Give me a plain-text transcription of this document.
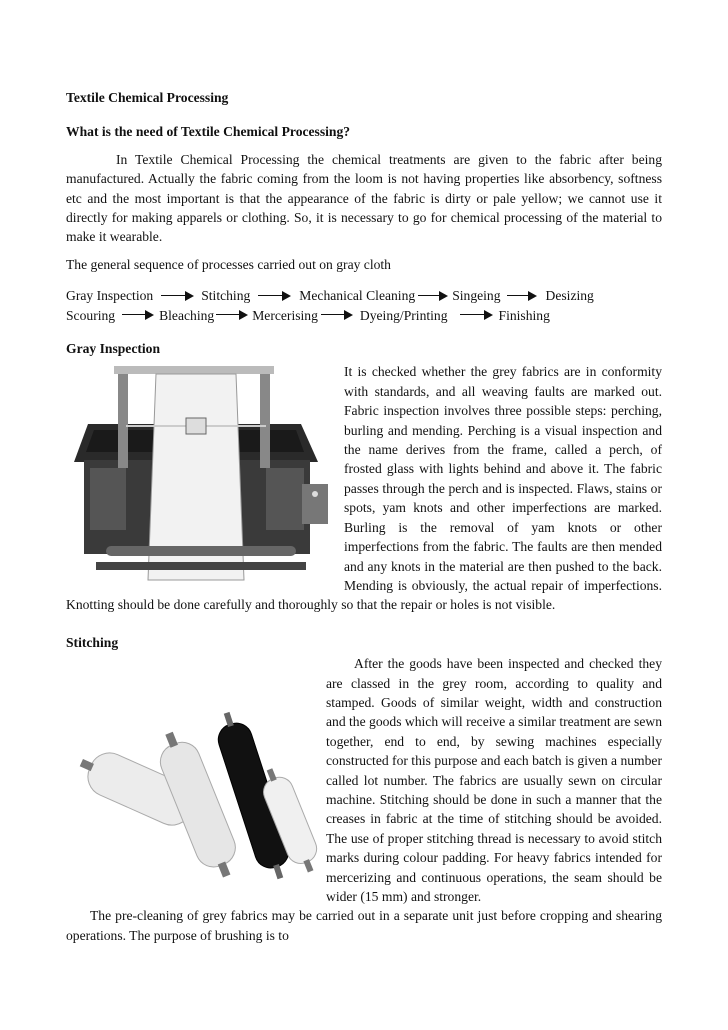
Textile Chemical Processing

What is the need of Textile Chemical Processing?

In Textile Chemical Processing the chemical treatments are given to the fabric after being manufactured. Actually the fabric coming from the loom is not having properties like absorbency, softness etc and the most important is that the appearance of the fabric is dirty or pale yellow; we cannot use it directly for making apparels or clothing. So, it is necessary to go for chemical processing of the material to make it wearable.

The general sequence of processes carried out on gray cloth

Gray Inspection	Stitching	Mechanical Cleaning	Singeing	Desizing
Scouring	Bleaching	Mercerising	Dyeing/Printing	Finishing
Gray Inspection

It is checked whether the grey fabrics are in conformity with standards, and all weaving faults are marked out. Fabric inspection involves three possible steps: perching, burling and mending. Perching is a visual inspection and the name derives from the frame, called a perch, of frosted glass with lights behind and above it. The fabric passes through the perch and is inspected. Flaws, stains or spots, yam knots and other imperfections are marked. Burling is the removal of yam knots or other imperfections from the fabric. The faults are then mended and any knots in the material are then pushed to the back. Mending is obviously, the actual repair of imperfections. Knotting should be done carefully and thoroughly so that the repair or holes is not visible.

Stitching

After the goods have been inspected and checked they are classed in the grey room, according to quality and stamped. Goods of similar weight, width and construction and the goods which will receive a similar treatment are sewn together, end to end, by sewing machines especially constructed for this purpose and each batch is given a number called lot number. The fabrics are usually sewn on circular machine. Stitching should be done in such a manner that the creases in fabric at the time of stitching should be avoided. The use of proper stitching thread is necessary to avoid stitch marks during colour padding. For heavy fabrics intended for mercerizing and continuous operations, the seam should be wider (15 mm) and stronger.

The pre-cleaning of grey fabrics may be carried out in a separate unit just before cropping and shearing operations. The purpose of brushing is to
